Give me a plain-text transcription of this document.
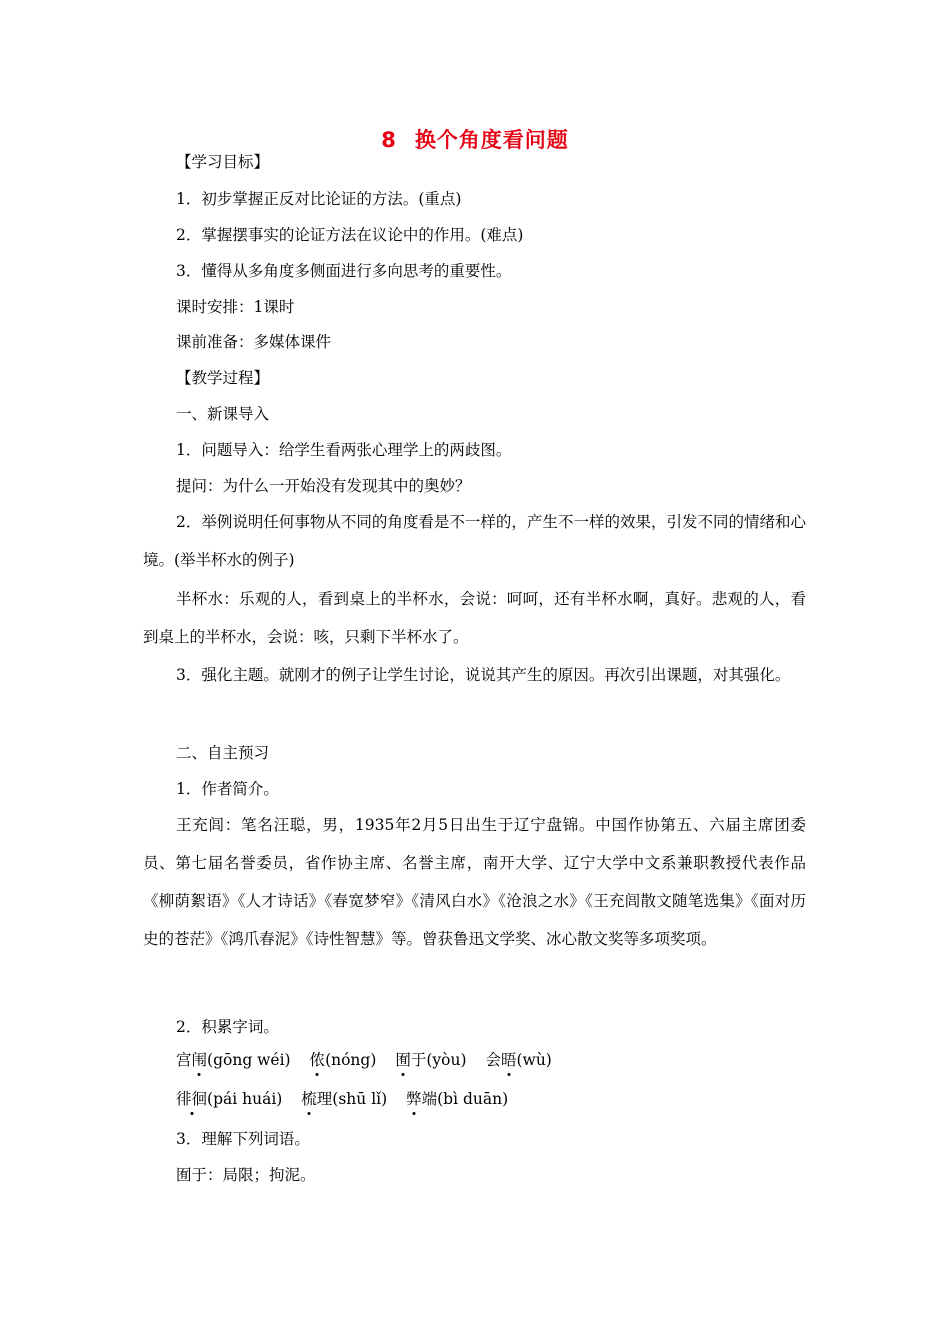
8 换个角度看问题
【学习目标】
1．初步掌握正反对比论证的方法。(重点)
2．掌握摆事实的论证方法在议论中的作用。(难点)
3．懂得从多角度多侧面进行多向思考的重要性。
课时安排：1课时
课前准备：多媒体课件
【教学过程】
一、新课导入
1．问题导入：给学生看两张心理学上的两歧图。
提问：为什么一开始没有发现其中的奥妙？
2．举例说明任何事物从不同的角度看是不一样的，产生不一样的效果，引发不同的情绪和心境。(举半杯水的例子)
半杯水：乐观的人，看到桌上的半杯水，会说：呵呵，还有半杯水啊，真好。悲观的人，看到桌上的半杯水，会说：咳，只剩下半杯水了。
3．强化主题。就刚才的例子让学生讨论，说说其产生的原因。再次引出课题，对其强化。
二、自主预习
1．作者简介。
王充闾：笔名汪聪，男，1935年2月5日出生于辽宁盘锦。中国作协第五、六届主席团委员、第七届名誉委员，省作协主席、名誉主席，南开大学、辽宁大学中文系兼职教授代表作品《柳荫絮语》《人才诗话》《春宽梦窄》《清风白水》《沧浪之水》《王充闾散文随笔选集》《面对历史的苍茫》《鸿爪春泥》《诗性智慧》等。曾获鲁迅文学奖、冰心散文奖等多项奖项。
2．积累字词。
宫闱(gōng wéi) 侬(nóng) 囿于(yòu) 会晤(wù)
徘徊(pái huái) 梳理(shū lǐ) 弊端(bì duān)
3．理解下列词语。
囿于：局限；拘泥。
